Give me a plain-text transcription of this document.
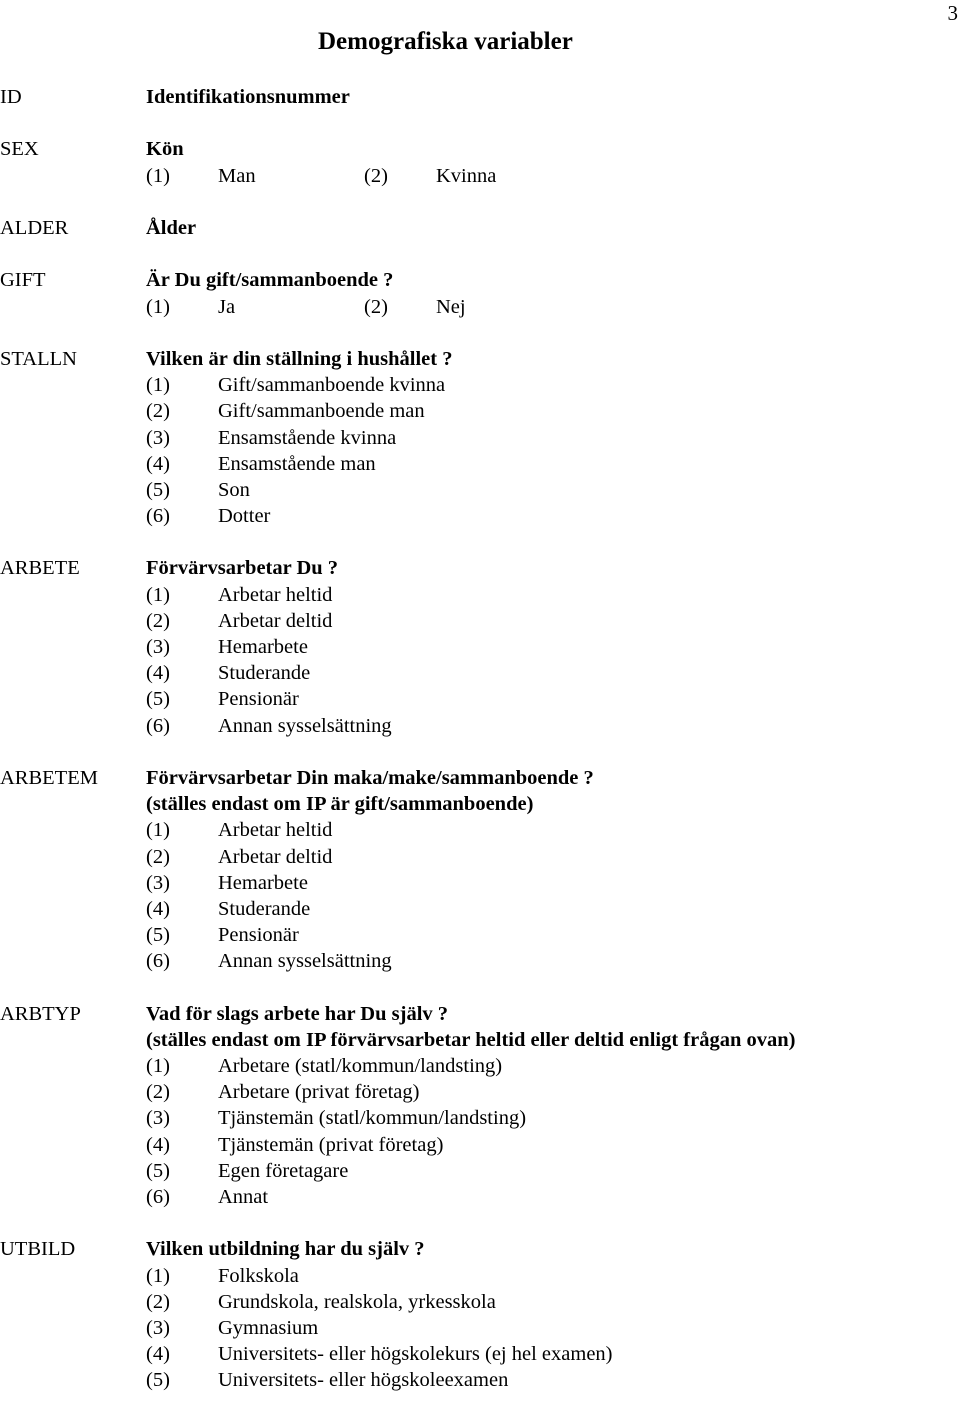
3
Demografiska variabler
ID	Identifikationsnummer
SEX	Kön
(1) Man	(2) Kvinna
ALDER	Ålder
GIFT	Är Du gift/sammanboende ?
(1) Ja	(2) Nej
STALLN	Vilken är din ställning i hushållet ?
(1) Gift/sammanboende kvinna
(2) Gift/sammanboende man
(3) Ensamstående kvinna
(4) Ensamstående man
(5) Son
(6) Dotter
ARBETE	Förvärvsarbetar Du ?
(1) Arbetar heltid
(2) Arbetar deltid
(3) Hemarbete
(4) Studerande
(5) Pensionär
(6) Annan sysselsättning
ARBETEM Förvärvsarbetar Din maka/make/sammanboende ?
(ställes endast om IP är gift/sammanboende)
(1) Arbetar heltid
(2) Arbetar deltid
(3) Hemarbete
(4) Studerande
(5) Pensionär
(6) Annan sysselsättning
ARBTYP	Vad för slags arbete har Du själv ?
(ställes endast om IP förvärvsarbetar heltid eller deltid enligt frågan ovan)
(1) Arbetare (statl/kommun/landsting)
(2) Arbetare (privat företag)
(3) Tjänstemän (statl/kommun/landsting)
(4) Tjänstemän (privat företag)
(5) Egen företagare
(6) Annat
UTBILD	Vilken utbildning har du själv ?
(1) Folkskola
(2) Grundskola, realskola, yrkesskola
(3) Gymnasium
(4) Universitets- eller högskolekurs (ej hel examen)
(5) Universitets- eller högskoleexamen
